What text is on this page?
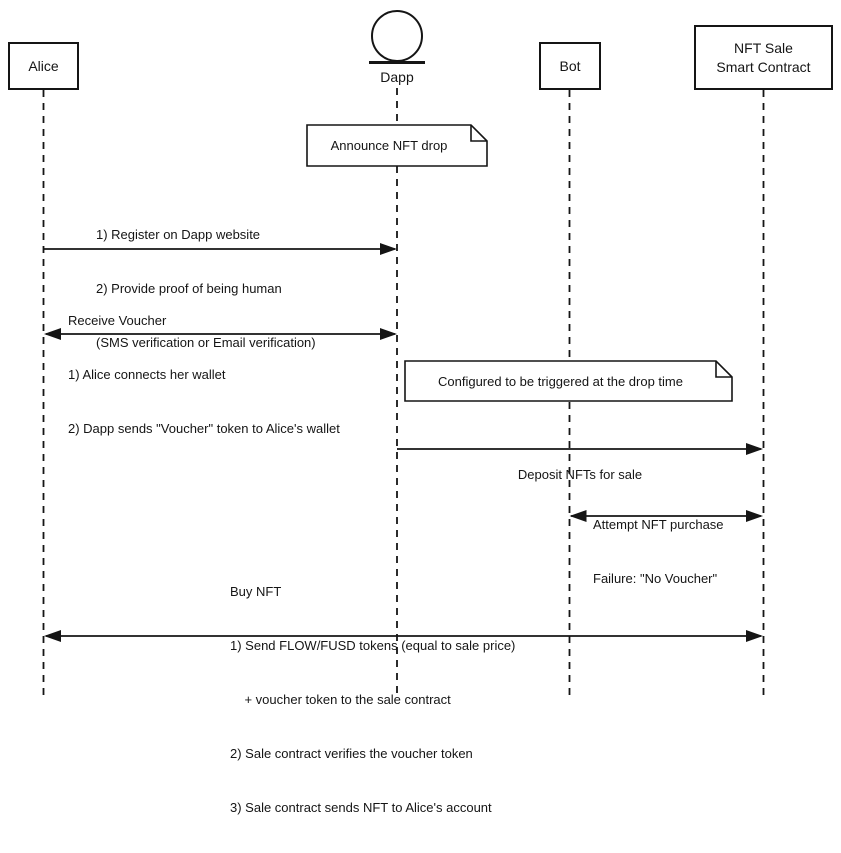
Alice
Dapp
Bot
NFT Sale
Smart Contract
Announce NFT drop
Configured to be triggered at the drop time

1) Register on Dapp website

2) Provide proof of being human

(SMS verification or Email verification)

Receive Voucher

1) Alice connects her wallet

2) Dapp sends "Voucher" token to Alice's wallet

Deposit NFTs for sale

Attempt NFT purchase

Failure: "No Voucher"

Buy NFT

1) Send FLOW/FUSD tokens (equal to sale price)

+ voucher token to the sale contract

2) Sale contract verifies the voucher token

3) Sale contract sends NFT to Alice's account
